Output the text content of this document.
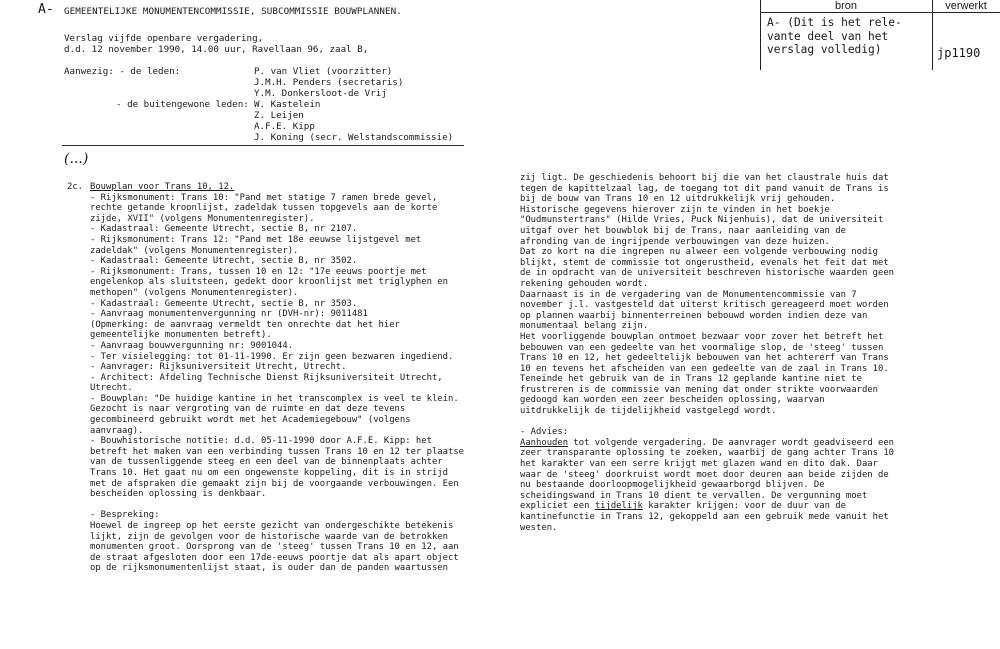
A- GEMEENTELIJKE MONUMENTENCOMMISSIE, SUBCOMMISSIE BOUWPLANNEN.
Verslag vijfde openbare vergadering,
d.d. 12 november 1990, 14.00 uur, Ravellaan 96, zaal B,
Aanwezig: - de leden:	P. van Vliet (voorzitter)
J.M.H. Penders (secretaris)
Y.M. Donkersloot-de Vrij
- de buitengewone leden: W. Kastelein
Z. Leijen
A.F.E. Kipp
J. Koning (secr. Welstandscommissie)
(...)
bron	verwerkt
A- (Dit is het rele-
vante deel van het
verslag volledig)	jp1190
2c. Bouwplan voor Trans 10, 12.
- Rijksmonument: Trans 10: "Pand met statige 7 ramen brede gevel,
rechte getande kroonlijst, zadeldak tussen topgevels aan de korte
zijde, XVII" (volgens Monumentenregister).
- Kadastraal: Gemeente Utrecht, sectie B, nr 2107.
- Rijksmonument: Trans 12: "Pand met 18e eeuwse lijstgevel met
zadeldak" (volgens Monumentenregister).
- Kadastraal: Gemeente Utrecht, sectie B, nr 3502.
- Rijksmonument: Trans, tussen 10 en 12: "17e eeuws poortje met
engelenkop als sluitsteen, gedekt door kroonlijst met triglyphen en
methopen" (volgens Monumentenregister).
- Kadastraal: Gemeente Utrecht, sectie B, nr 3503.
- Aanvraag monumentenvergunning nr (DVH-nr): 9011481
(Opmerking: de aanvraag vermeldt ten onrechte dat het hier
gemeentelijke monumenten betreft).
- Aanvraag bouwvergunning nr: 9001044.
- Ter visielegging: tot 01-11-1990. Er zijn geen bezwaren ingediend.
- Aanvrager: Rijksuniversiteit Utrecht, Utrecht.
- Architect: Afdeling Technische Dienst Rijksuniversiteit Utrecht,
Utrecht.
- Bouwplan: "De huidige kantine in het transcomplex is veel te klein.
Gezocht is naar vergroting van de ruimte en dat deze tevens
gecombineerd gebruikt wordt met het Academiegebouw" (volgens
aanvraag).
- Bouwhistorische notitie: d.d. 05-11-1990 door A.F.E. Kipp: het
betreft het maken van een verbinding tussen Trans 10 en 12 ter plaatse
van de tussenliggende steeg en een deel van de binnenplaats achter
Trans 10. Het gaat nu om een ongewenste koppeling, dit is in strijd
met de afspraken die gemaakt zijn bij de voorgaande verbouwingen. Een
bescheiden oplossing is denkbaar.

- Bespreking:
Hoewel de ingreep op het eerste gezicht van ondergeschikte betekenis
lijkt, zijn de gevolgen voor de historische waarde van de betrokken
monumenten groot. Oorsprong van de 'steeg' tussen Trans 10 en 12, aan
de straat afgesloten door een 17de-eeuws poortje dat als apart object
op de rijksmonumentenlijst staat, is ouder dan de panden waartussen
zij ligt. De geschiedenis behoort bij die van het claustrale huis dat
tegen de kapittelzaal lag, de toegang tot dit pand vanuit de Trans is
bij de bouw van Trans 10 en 12 uitdrukkelijk vrij gehouden.
Historische gegevens hierover zijn te vinden in het boekje
"Oudmunstertrans" (Hilde Vries, Puck Nijenhuis), dat de universiteit
uitgaf over het bouwblok bij de Trans, naar aanleiding van de
afronding van de ingrijpende verbouwingen van deze huizen.
Dat zo kort na die ingrepen nu alweer een volgende verbouwing nodig
blijkt, stemt de commissie tot ongerustheid, evenals het feit dat met
de in opdracht van de universiteit beschreven historische waarden geen
rekening gehouden wordt.
Daarnaast is in de vergadering van de Monumentencommissie van 7
november j.l. vastgesteld dat uiterst kritisch gereageerd moet worden
op plannen waarbij binnenterreinen bebouwd worden indien deze van
monumentaal belang zijn.
Het voorliggende bouwplan ontmoet bezwaar voor zover het betreft het
bebouwen van een gedeelte van het voormalige slop, de 'steeg' tussen
Trans 10 en 12, het gedeeltelijk bebouwen van het achtererf van Trans
10 en tevens het afscheiden van een gedeelte van de zaal in Trans 10.
Teneinde het gebruik van de in Trans 12 geplande kantine niet te
frustreren is de commissie van mening dat onder strikte voorwaarden
gedoogd kan worden een zeer bescheiden oplossing, waarvan
uitdrukkelijk de tijdelijkheid vastgelegd wordt.

- Advies:
Aanhouden tot volgende vergadering. De aanvrager wordt geadviseerd een
zeer transparante oplossing te zoeken, waarbij de gang achter Trans 10
het karakter van een serre krijgt met glazen wand en dito dak. Daar
waar de 'steeg' doorkruist wordt moet door deuren aan beide zijden de
nu bestaande doorloopmogelijkheid gewaarborgd blijven. De
scheidingswand in Trans 10 dient te vervallen. De vergunning moet
expliciet een tijdelijk karakter krijgen: voor de duur van de
kantinefunctie in Trans 12, gekoppeld aan een gebruik mede vanuit het
westen.
